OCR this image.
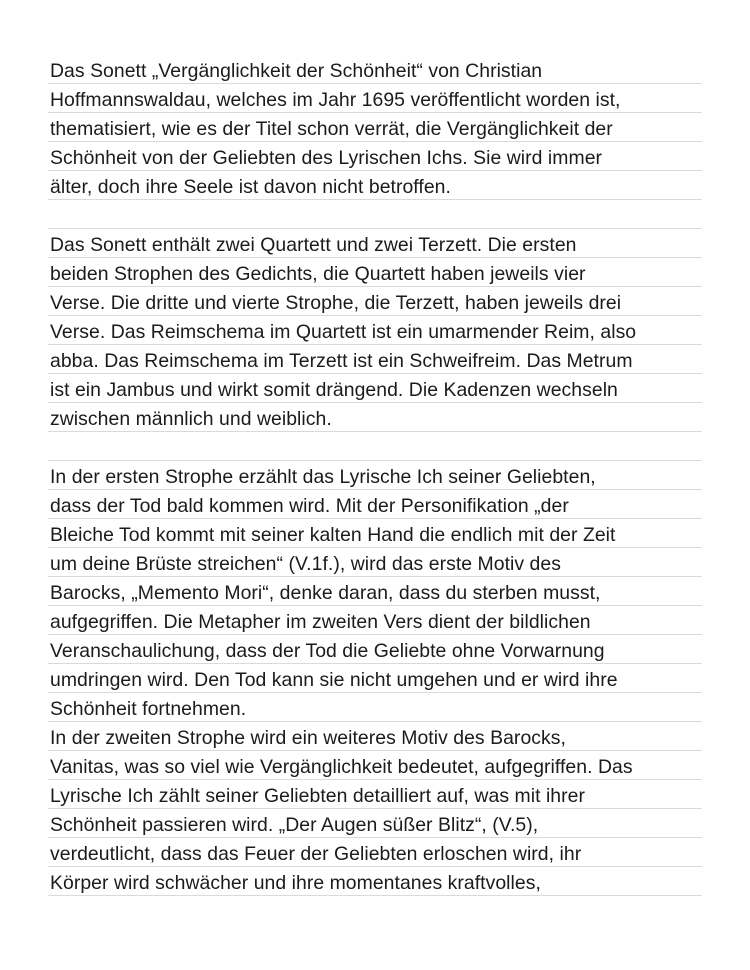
Das Sonett „Vergänglichkeit der Schönheit“ von Christian
Hoffmannswaldau, welches im Jahr 1695 veröffentlicht worden ist,
thematisiert, wie es der Titel schon verrät, die Vergänglichkeit der
Schönheit von der Geliebten des Lyrischen Ichs. Sie wird immer
älter, doch ihre Seele ist davon nicht betroffen.
Das Sonett enthält zwei Quartett und zwei Terzett. Die ersten
beiden Strophen des Gedichts, die Quartett haben jeweils vier
Verse. Die dritte und vierte Strophe, die Terzett, haben jeweils drei
Verse. Das Reimschema im Quartett ist ein umarmender Reim, also
abba. Das Reimschema im Terzett ist ein Schweifreim. Das Metrum
ist ein Jambus und wirkt somit drängend. Die Kadenzen wechseln
zwischen männlich und weiblich.
In der ersten Strophe erzählt das Lyrische Ich seiner Geliebten,
dass der Tod bald kommen wird. Mit der Personifikation „der
Bleiche Tod kommt mit seiner kalten Hand die endlich mit der Zeit
um deine Brüste streichen“ (V.1f.), wird das erste Motiv des
Barocks, „Memento Mori“, denke daran, dass du sterben musst,
aufgegriffen. Die Metapher im zweiten Vers dient der bildlichen
Veranschaulichung, dass der Tod die Geliebte ohne Vorwarnung
umdringen wird. Den Tod kann sie nicht umgehen und er wird ihre
Schönheit fortnehmen.
In der zweiten Strophe wird ein weiteres Motiv des Barocks,
Vanitas, was so viel wie Vergänglichkeit bedeutet, aufgegriffen. Das
Lyrische Ich zählt seiner Geliebten detailliert auf, was mit ihrer
Schönheit passieren wird. „Der Augen süßer Blitz“, (V.5),
verdeutlicht, dass das Feuer der Geliebten erloschen wird, ihr
Körper wird schwächer und ihre momentanes kraftvolles,
